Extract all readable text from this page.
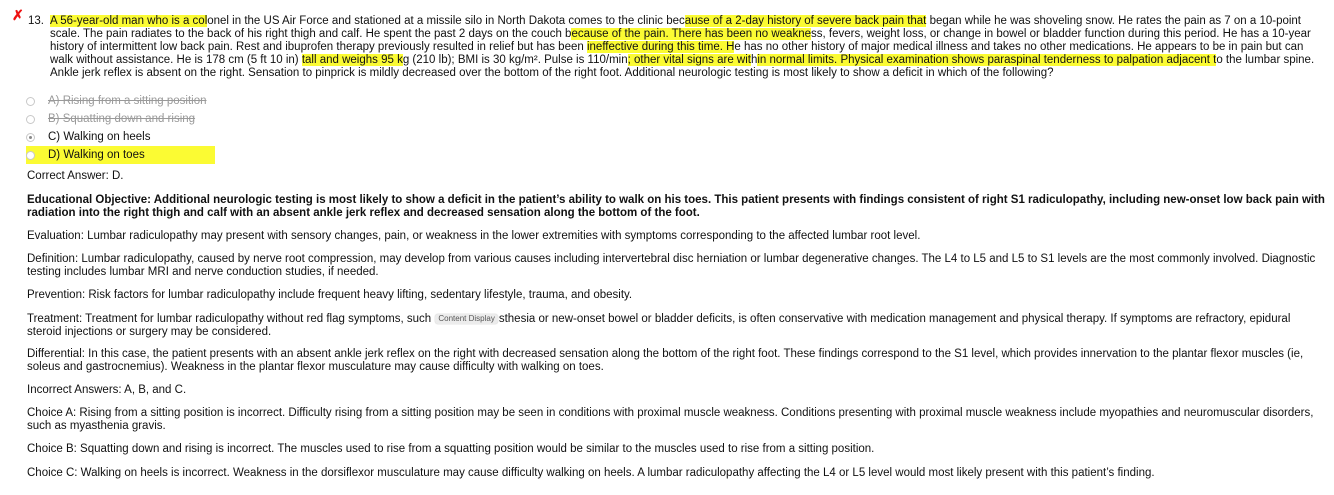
✗ 13. A 56-year-old man who is a colonel in the US Air Force and stationed at a missile silo in North Dakota comes to the clinic because of a 2-day history of severe back pain that began while he was shoveling snow. He rates the pain as 7 on a 10-point scale. The pain radiates to the back of his right thigh and calf. He spent the past 2 days on the couch because of the pain. There has been no weakness, fevers, weight loss, or change in bowel or bladder function during this period. He has a 10-year history of intermittent low back pain. Rest and ibuprofen therapy previously resulted in relief but has been ineffective during this time. He has no other history of major medical illness and takes no other medications. He appears to be in pain but can walk without assistance. He is 178 cm (5 ft 10 in) tall and weighs 95 kg (210 lb); BMI is 30 kg/m². Pulse is 110/min; other vital signs are within normal limits. Physical examination shows paraspinal tenderness to palpation adjacent to the lumbar spine. Ankle jerk reflex is absent on the right. Sensation to pinprick is mildly decreased over the bottom of the right foot. Additional neurologic testing is most likely to show a deficit in which of the following?
A) Rising from a sitting position
B) Squatting down and rising
C) Walking on heels
D) Walking on toes
Correct Answer: D.
Educational Objective: Additional neurologic testing is most likely to show a deficit in the patient’s ability to walk on his toes. This patient presents with findings consistent of right S1 radiculopathy, including new-onset low back pain with radiation into the right thigh and calf with an absent ankle jerk reflex and decreased sensation along the bottom of the foot.
Evaluation: Lumbar radiculopathy may present with sensory changes, pain, or weakness in the lower extremities with symptoms corresponding to the affected lumbar root level.
Definition: Lumbar radiculopathy, caused by nerve root compression, may develop from various causes including intervertebral disc herniation or lumbar degenerative changes. The L4 to L5 and L5 to S1 levels are the most commonly involved. Diagnostic testing includes lumbar MRI and nerve conduction studies, if needed.
Prevention: Risk factors for lumbar radiculopathy include frequent heavy lifting, sedentary lifestyle, trauma, and obesity.
Treatment: Treatment for lumbar radiculopathy without red flag symptoms, such Content Display sthesia or new-onset bowel or bladder deficits, is often conservative with medication management and physical therapy. If symptoms are refractory, epidural steroid injections or surgery may be considered.
Differential: In this case, the patient presents with an absent ankle jerk reflex on the right with decreased sensation along the bottom of the right foot. These findings correspond to the S1 level, which provides innervation to the plantar flexor muscles (ie, soleus and gastrocnemius). Weakness in the plantar flexor musculature may cause difficulty with walking on toes.
Incorrect Answers: A, B, and C.
Choice A: Rising from a sitting position is incorrect. Difficulty rising from a sitting position may be seen in conditions with proximal muscle weakness. Conditions presenting with proximal muscle weakness include myopathies and neuromuscular disorders, such as myasthenia gravis.
Choice B: Squatting down and rising is incorrect. The muscles used to rise from a squatting position would be similar to the muscles used to rise from a sitting position.
Choice C: Walking on heels is incorrect. Weakness in the dorsiflexor musculature may cause difficulty walking on heels. A lumbar radiculopathy affecting the L4 or L5 level would most likely present with this patient’s finding.
